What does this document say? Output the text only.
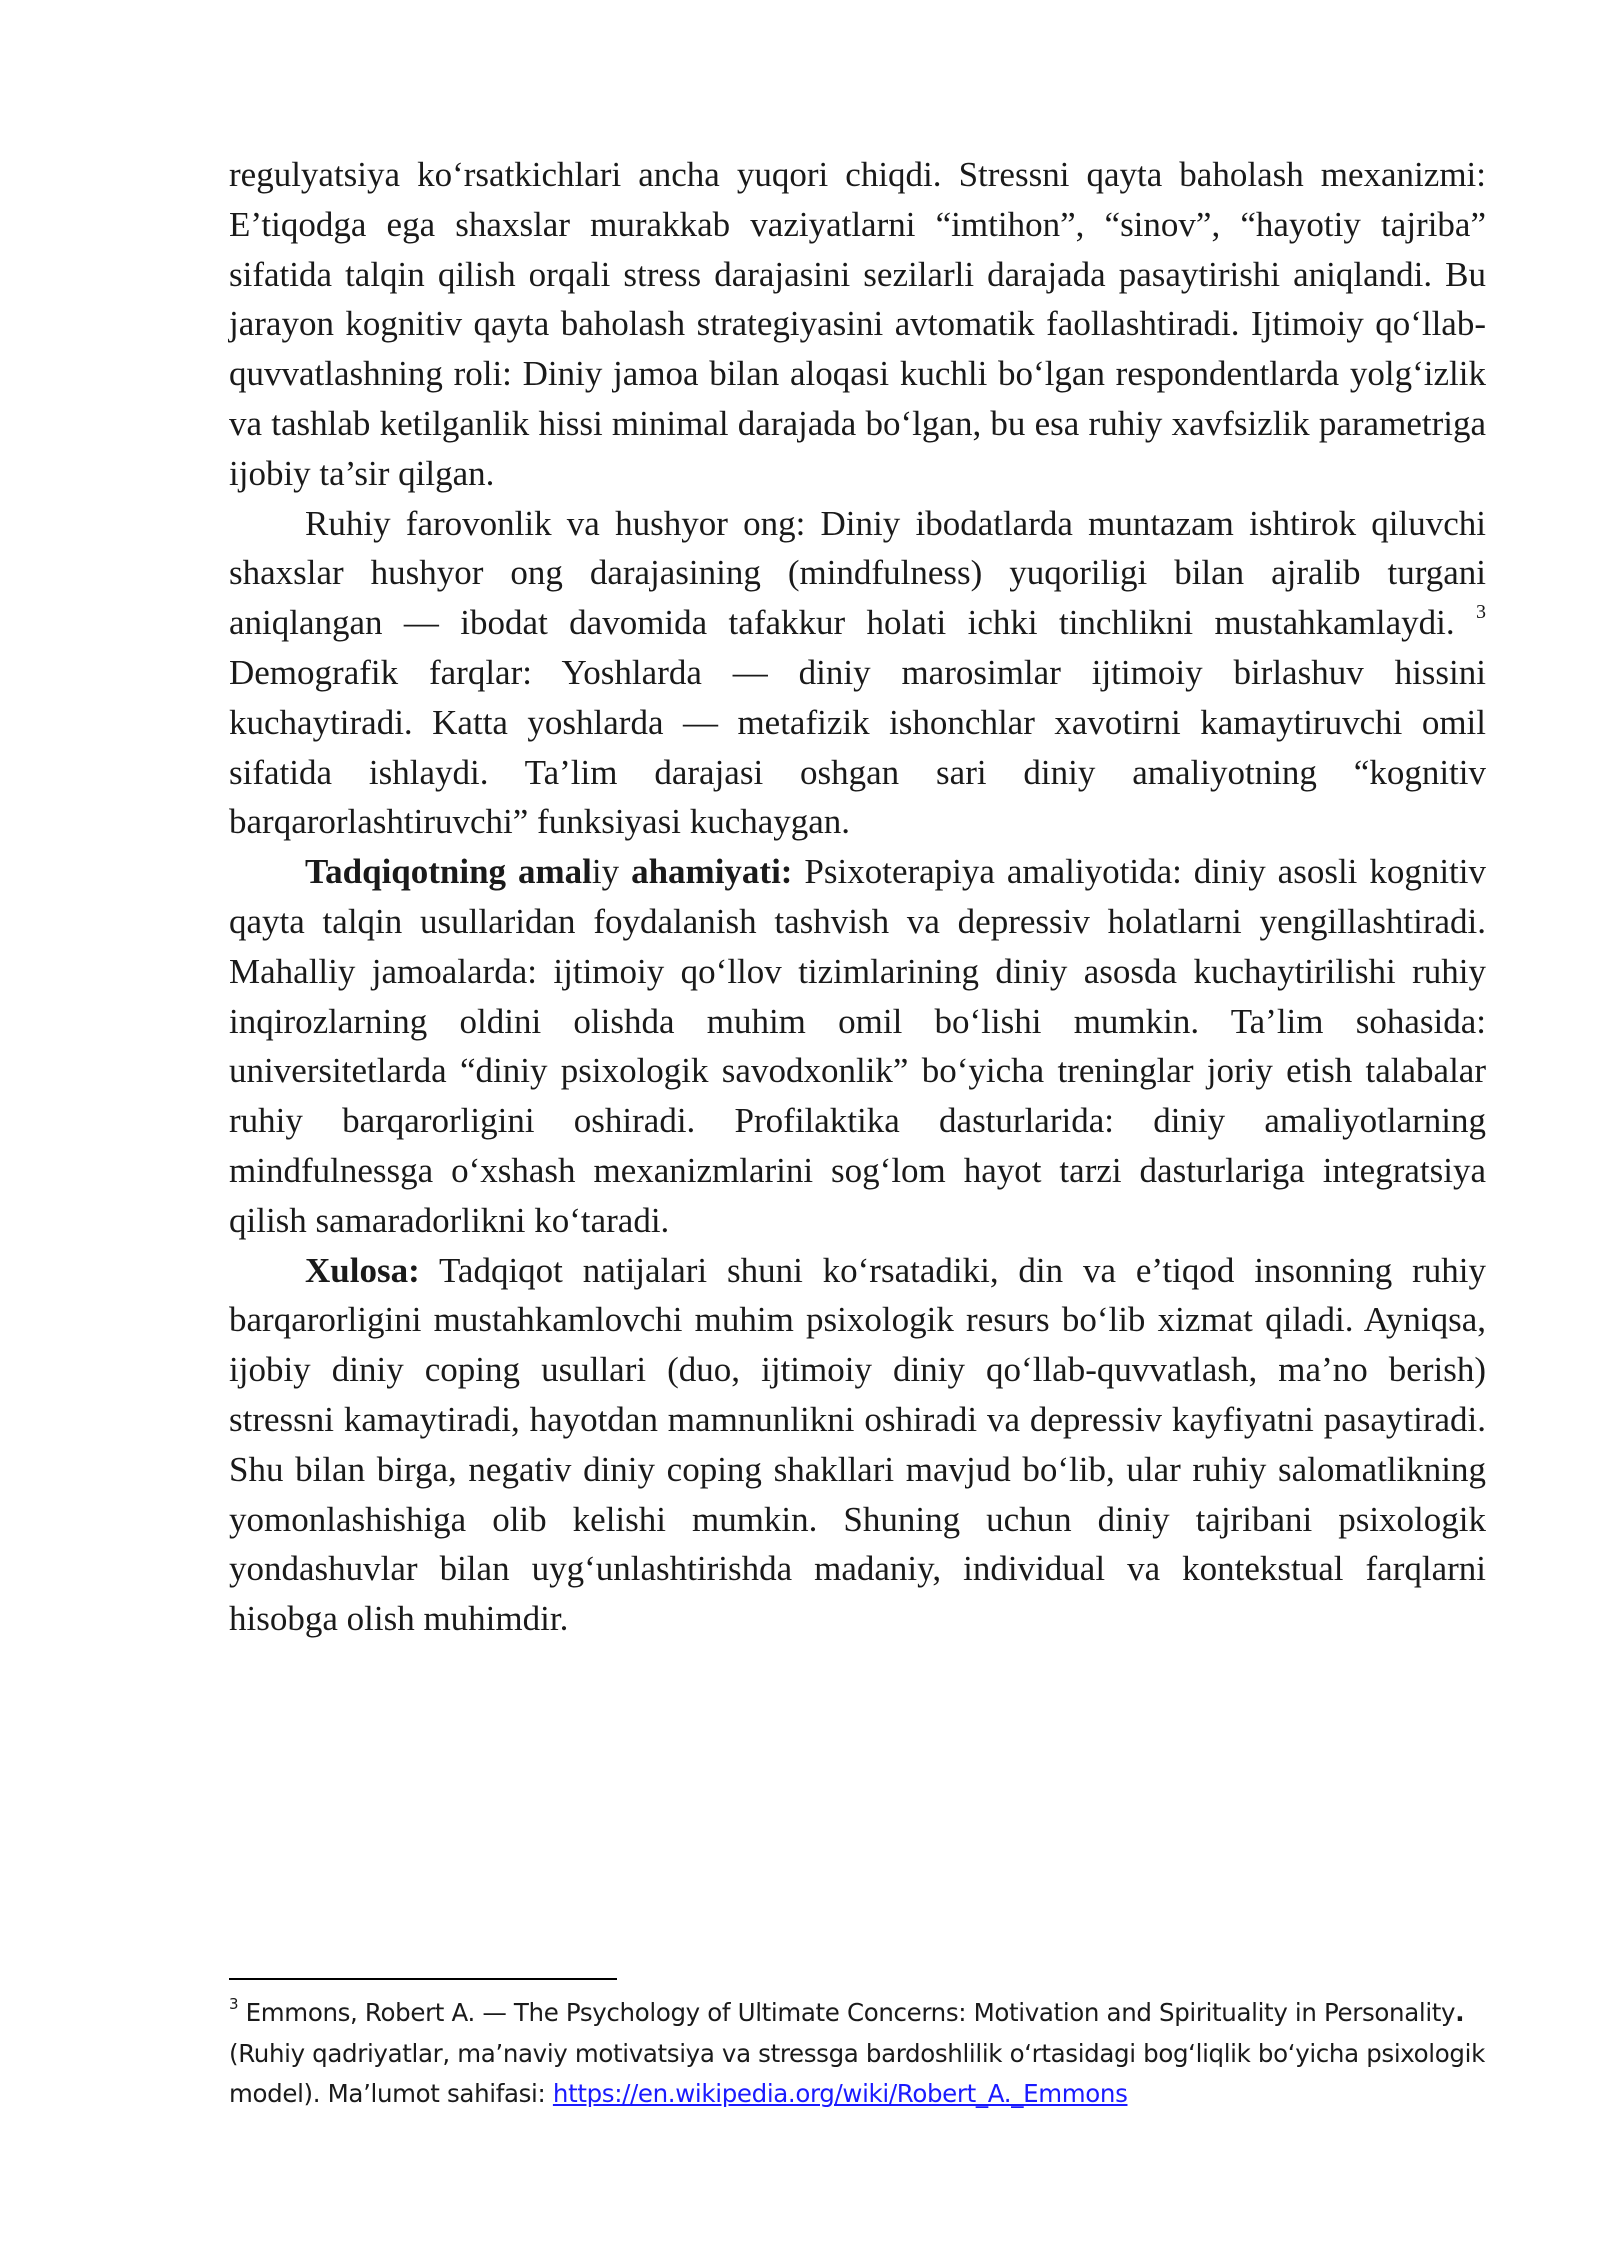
regulyatsiya ko‘rsatkichlari ancha yuqori chiqdi. Stressni qayta baholash mexanizmi: E’tiqodga ega shaxslar murakkab vaziyatlarni “imtihon”, “sinov”, “hayotiy tajriba” sifatida talqin qilish orqali stress darajasini sezilarli darajada pasaytirishi aniqlandi. Bu jarayon kognitiv qayta baholash strategiyasini avtomatik faollashtiradi. Ijtimoiy qo‘llab-quvvatlashning roli: Diniy jamoa bilan aloqasi kuchli bo‘lgan respondentlarda yolg‘izlik va tashlab ketilganlik hissi minimal darajada bo‘lgan, bu esa ruhiy xavfsizlik parametriga ijobiy ta’sir qilgan.

Ruhiy farovonlik va hushyor ong: Diniy ibodatlarda muntazam ishtirok qiluvchi shaxslar hushyor ong darajasining (mindfulness) yuqoriligi bilan ajralib turgani aniqlangan — ibodat davomida tafakkur holati ichki tinchlikni mustahkamlaydi. $^3$ Demografik farqlar: Yoshlarda — diniy marosimlar ijtimoiy birlashuv hissini kuchaytiradi. Katta yoshlarda — metafizik ishonchlar xavotirni kamaytiruvchi omil sifatida ishlaydi. Ta’lim darajasi oshgan sari diniy amaliyotning “kognitiv barqarorlashtiruvchi” funksiyasi kuchaygan.

Tadqiqotning amaliy ahamiyati: Psixoterapiya amaliyotida: diniy asosli kognitiv qayta talqin usullaridan foydalanish tashvish va depressiv holatlarni yengillashtiradi. Mahalliy jamoalarda: ijtimoiy qo‘llov tizimlarining diniy asosda kuchaytirilishi ruhiy inqirozlarning oldini olishda muhim omil bo‘lishi mumkin. Ta’lim sohasida: universitetlarda “diniy psixologik savodxonlik” bo‘yicha treninglar joriy etish talabalar ruhiy barqarorligini oshiradi. Profilaktika dasturlarida: diniy amaliyotlarning mindfulnessga o‘xshash mexanizmlarini sog‘lom hayot tarzi dasturlariga integratsiya qilish samaradorlikni ko‘taradi.

Xulosa: Tadqiqot natijalari shuni ko‘rsatadiki, din va e’tiqod insonning ruhiy barqarorligini mustahkamlovchi muhim psixologik resurs bo‘lib xizmat qiladi. Ayniqsa, ijobiy diniy coping usullari (duo, ijtimoiy diniy qo‘llab-quvvatlash, ma’no berish) stressni kamaytiradi, hayotdan mamnunlikni oshiradi va depressiv kayfiyatni pasaytiradi. Shu bilan birga, negativ diniy coping shakllari mavjud bo‘lib, ular ruhiy salomatlikning yomonlashishiga olib kelishi mumkin. Shuning uchun diniy tajribani psixologik yondashuvlar bilan uyg‘unlashtirishda madaniy, individual va kontekstual farqlarni hisobga olish muhimdir.

$^3$ Emmons, Robert A. — The Psychology of Ultimate Concerns: Motivation and Spirituality in Personality.
(Ruhiy qadriyatlar, ma’naviy motivatsiya va stressga bardoshlilik o‘rtasidagi bog‘liqlik bo‘yicha psixologik model). Ma’lumot sahifasi: https://en.wikipedia.org/wiki/Robert_A._Emmons
